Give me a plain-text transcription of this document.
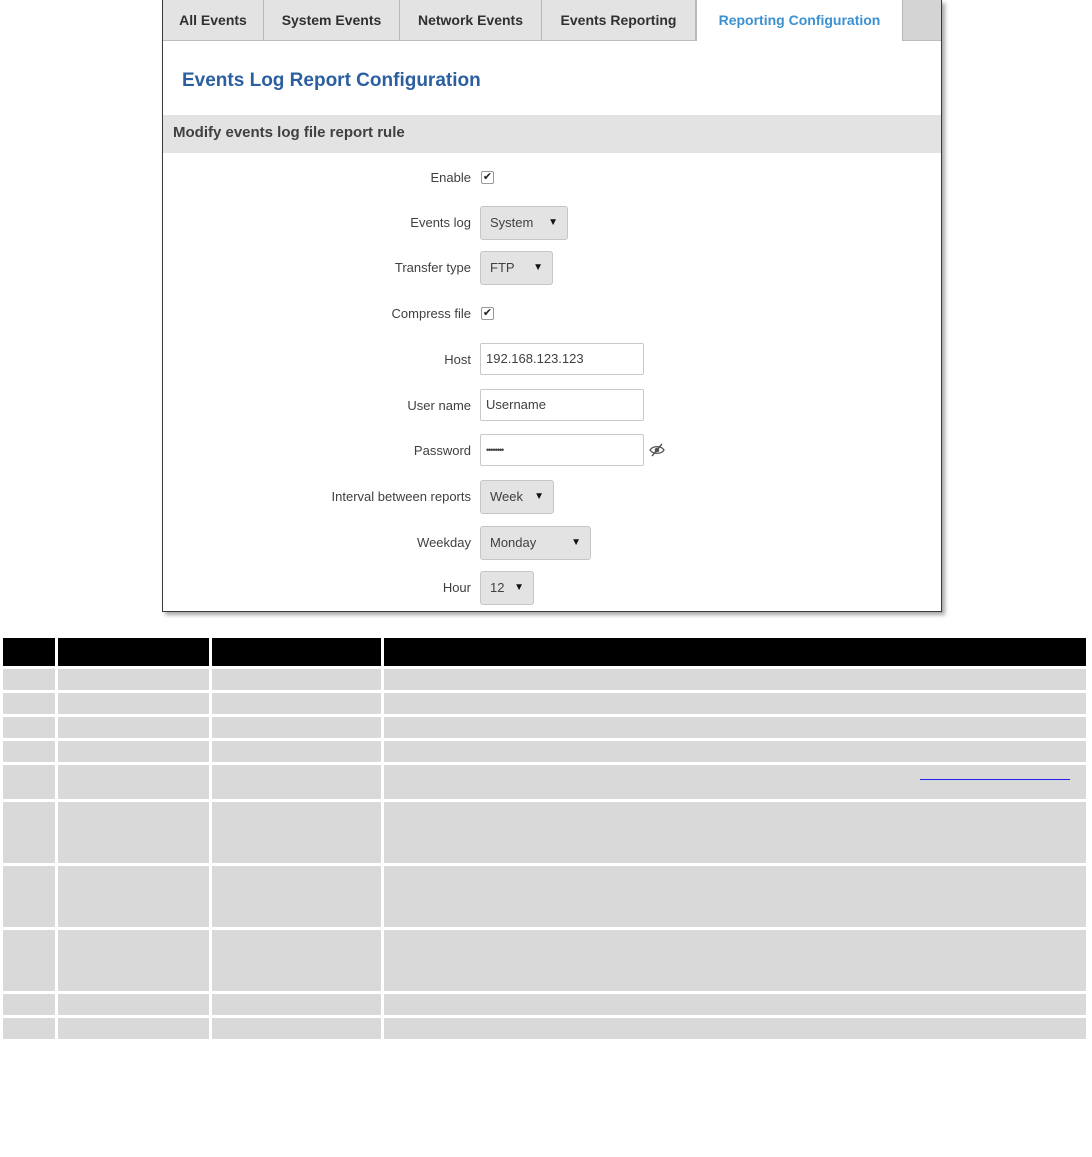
All Events	System Events	Network Events	Events Reporting	Reporting Configuration
Events Log Report Configuration
Modify events log file report rule
Enable ✔
Events log System ▼
Transfer type FTP ▼
Compress file ✔
Host	192.168.123.123
User name	Username
Password	••••••••
Interval between reports Week ▼
Weekday Monday	▼
Hour 12 ▼
